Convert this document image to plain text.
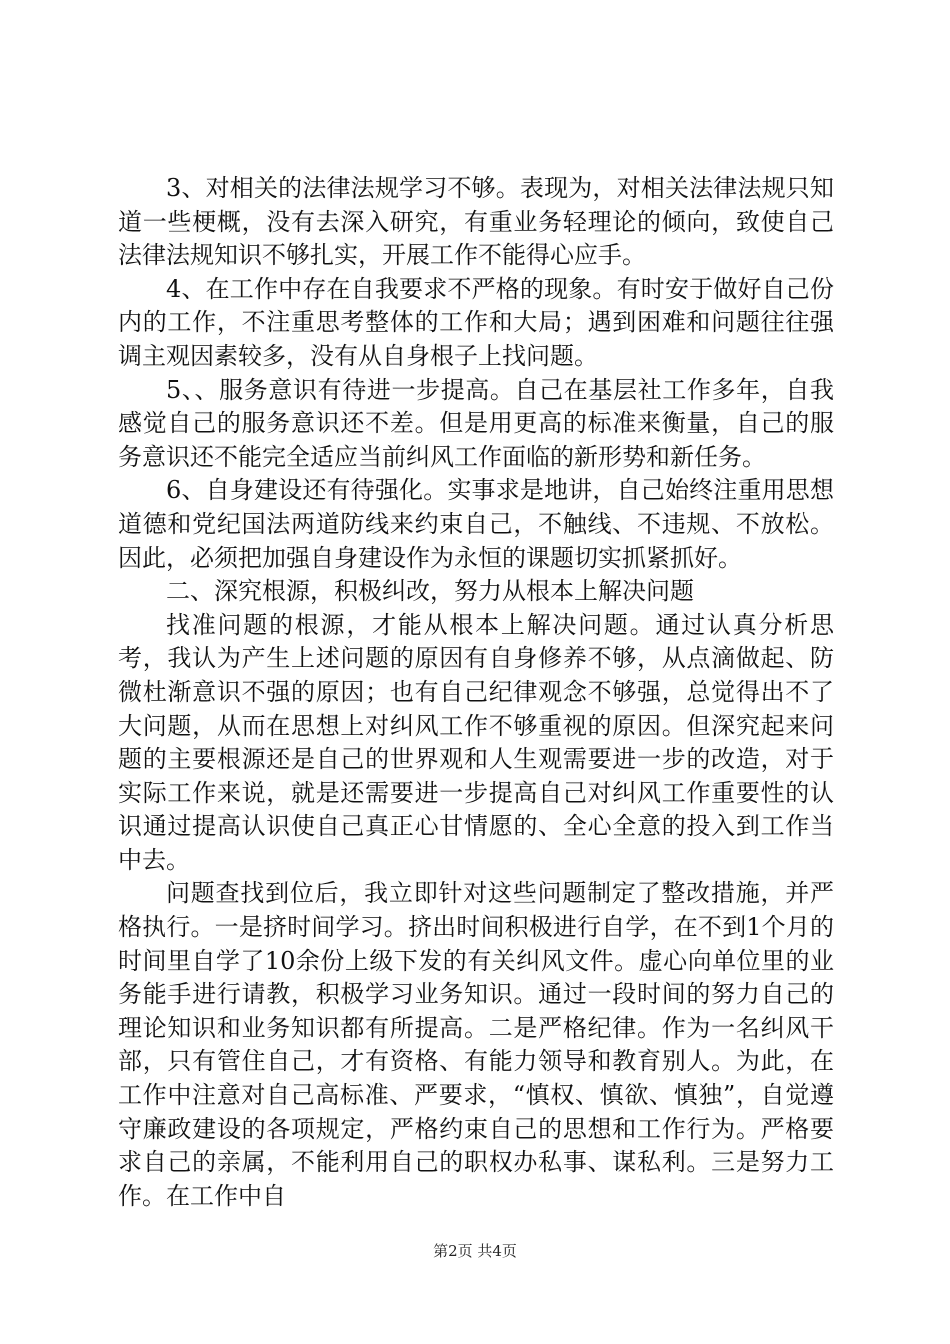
3、对相关的法律法规学习不够。表现为，对相关法律法规只知道一些梗概，没有去深入研究，有重业务轻理论的倾向，致使自己法律法规知识不够扎实，开展工作不能得心应手。

4、在工作中存在自我要求不严格的现象。有时安于做好自己份内的工作，不注重思考整体的工作和大局；遇到困难和问题往往强调主观因素较多，没有从自身根子上找问题。

5、、服务意识有待进一步提高。自己在基层社工作多年，自我感觉自己的服务意识还不差。但是用更高的标准来衡量，自己的服务意识还不能完全适应当前纠风工作面临的新形势和新任务。

6、自身建设还有待强化。实事求是地讲，自己始终注重用思想道德和党纪国法两道防线来约束自己，不触线、不违规、不放松。因此，必须把加强自身建设作为永恒的课题切实抓紧抓好。

二、深究根源，积极纠改，努力从根本上解决问题

找准问题的根源，才能从根本上解决问题。通过认真分析思考，我认为产生上述问题的原因有自身修养不够，从点滴做起、防微杜渐意识不强的原因；也有自己纪律观念不够强，总觉得出不了大问题，从而在思想上对纠风工作不够重视的原因。但深究起来问题的主要根源还是自己的世界观和人生观需要进一步的改造，对于实际工作来说，就是还需要进一步提高自己对纠风工作重要性的认识通过提高认识使自己真正心甘情愿的、全心全意的投入到工作当中去。

问题查找到位后，我立即针对这些问题制定了整改措施，并严格执行。一是挤时间学习。挤出时间积极进行自学，在不到1个月的时间里自学了10余份上级下发的有关纠风文件。虚心向单位里的业务能手进行请教，积极学习业务知识。通过一段时间的努力自己的理论知识和业务知识都有所提高。二是严格纪律。作为一名纠风干部，只有管住自己，才有资格、有能力领导和教育别人。为此，在工作中注意对自己高标准、严要求，“慎权、慎欲、慎独”，自觉遵守廉政建设的各项规定，严格约束自己的思想和工作行为。严格要求自己的亲属，不能利用自己的职权办私事、谋私利。三是努力工作。在工作中自

第2页 共4页
